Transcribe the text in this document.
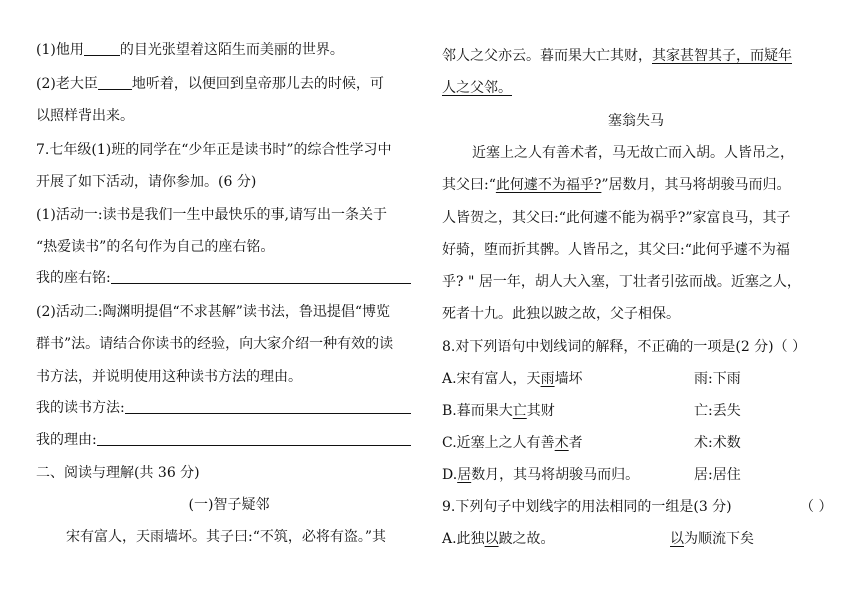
(1)他用	的目光张望着这陌生而美丽的世界。
(2)老大臣 地听着，以便回到皇帝那儿去的时候，可
以照样背出来。
7.七年级(1)班的同学在“少年正是读书时”的综合性学习中
开展了如下活动，请你参加。(6 分)
(1)活动一:读书是我们一生中最快乐的事,请写出一条关于
“热爱读书”的名句作为自己的座右铭。
我的座右铭:
(2)活动二:陶渊明提倡“不求甚解”读书法，鲁迅提倡“博览
群书”法。请结合你读书的经验，向大家介绍一种有效的读
书方法，并说明使用这种读书方法的理由。
我的读书方法:
我的理由:
二、阅读与理解(共 36 分)
(一)智子疑邻
宋有富人，天雨墙坏。其子曰:“不筑，必将有盗。”其
邻人之父亦云。暮而果大亡其财，其家甚智其子，而疑年
人之父邻。
塞翁失马
近塞上之人有善术者，马无故亡而入胡。人皆吊之，
其父曰:“此何遽不为福乎?”居数月，其马将胡骏马而归。
人皆贺之，其父曰:“此何遽不能为祸乎?”家富良马，其子
好骑，堕而折其髀。人皆吊之，其父曰:“此何乎遽不为福
乎? " 居一年，胡人大入塞，丁壮者引弦而战。近塞之人，
死者十九。此独以跛之故，父子相保。
8.对下列语句中划线词的解释，不正确的一项是(2 分)（ ）
A.宋有富人，天雨墙坏	雨:下雨
B.暮而果大亡其财	亡:丢失
C.近塞上之人有善术者	术:术数
D.居数月，其马将胡骏马而归。	居:居住
9.下列句子中划线字的用法相同的一组是(3 分)	（ ）
A.此独以跛之故。	以为顺流下矣
